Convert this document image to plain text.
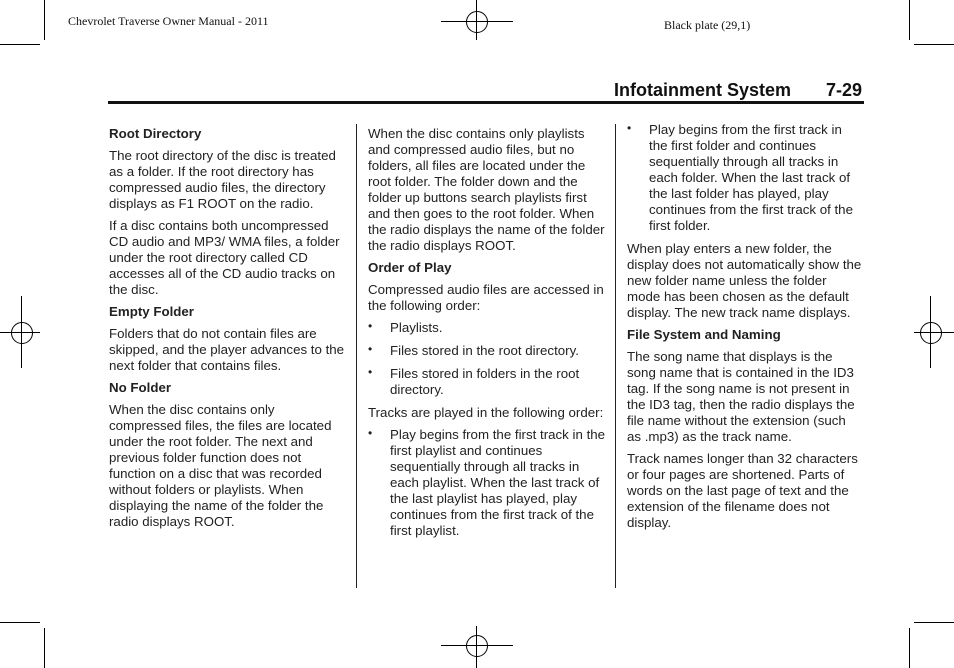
Chevrolet Traverse Owner Manual - 2011	Black plate (29,1)
Infotainment System 7-29
Root Directory
The root directory of the disc is treated as a folder. If the root directory has compressed audio files, the directory displays as F1 ROOT on the radio.
If a disc contains both uncompressed CD audio and MP3/ WMA files, a folder under the root directory called CD accesses all of the CD audio tracks on the disc.
Empty Folder
Folders that do not contain files are skipped, and the player advances to the next folder that contains files.
No Folder
When the disc contains only compressed files, the files are located under the root folder. The next and previous folder function does not function on a disc that was recorded without folders or playlists. When displaying the name of the folder the radio displays ROOT.
When the disc contains only playlists and compressed audio files, but no folders, all files are located under the root folder. The folder down and the folder up buttons search playlists first and then goes to the root folder. When the radio displays the name of the folder the radio displays ROOT.
Order of Play
Compressed audio files are accessed in the following order:
• Playlists.
• Files stored in the root directory.
• Files stored in folders in the root directory.
Tracks are played in the following order:
• Play begins from the first track in the first playlist and continues sequentially through all tracks in each playlist. When the last track of the last playlist has played, play continues from the first track of the first playlist.
• Play begins from the first track in the first folder and continues sequentially through all tracks in each folder. When the last track of the last folder has played, play continues from the first track of the first folder.
When play enters a new folder, the display does not automatically show the new folder name unless the folder mode has been chosen as the default display. The new track name displays.
File System and Naming
The song name that displays is the song name that is contained in the ID3 tag. If the song name is not present in the ID3 tag, then the radio displays the file name without the extension (such as .mp3) as the track name.
Track names longer than 32 characters or four pages are shortened. Parts of words on the last page of text and the extension of the filename does not display.
